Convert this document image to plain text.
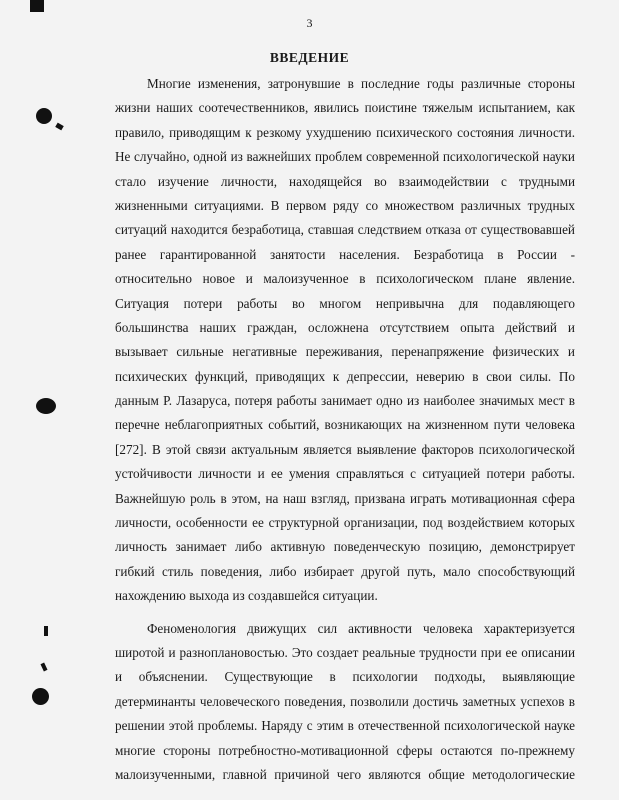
3
ВВЕДЕНИЕ
Многие изменения, затронувшие в последние годы различные стороны
жизни наших соотечественников, явились поистине тяжелым испытанием, как
правило, приводящим к резкому ухудшению психического состояния личности.
Не случайно, одной из важнейших проблем современной психологической науки
стало изучение личности, находящейся во взаимодействии с трудными
жизненными ситуациями. В первом ряду со множеством различных трудных
ситуаций находится безработица, ставшая следствием отказа от существовавшей
ранее гарантированной занятости населения. Безработица в России -
относительно новое и малоизученное в психологическом плане явление.
Ситуация потери работы во многом непривычна для подавляющего
большинства наших граждан, осложнена отсутствием опыта действий и
вызывает сильные негативные переживания, перенапряжение физических и
психических функций, приводящих к депрессии, неверию в свои силы. По
данным Р. Лазаруса, потеря работы занимает одно из наиболее значимых мест в
перечне неблагоприятных событий, возникающих на жизненном пути человека
[272]. В этой связи актуальным является выявление факторов психологической
устойчивости личности и ее умения справляться с ситуацией потери работы.
Важнейшую роль в этом, на наш взгляд, призвана играть мотивационная сфера
личности, особенности ее структурной организации, под воздействием которых
личность занимает либо активную поведенческую позицию, демонстрирует
гибкий стиль поведения, либо избирает другой путь, мало способствующий
нахождению выхода из создавшейся ситуации.
Феноменология движущих сил активности человека характеризуется
широтой и разноплановостью. Это создает реальные трудности при ее описании
и объяснении. Существующие в психологии подходы, выявляющие
детерминанты человеческого поведения, позволили достичь заметных успехов в
решении этой проблемы. Наряду с этим в отечественной психологической науке
многие стороны потребностно-мотивационной сферы остаются по-прежнему
малоизученными, главной причиной чего являются общие методологические
